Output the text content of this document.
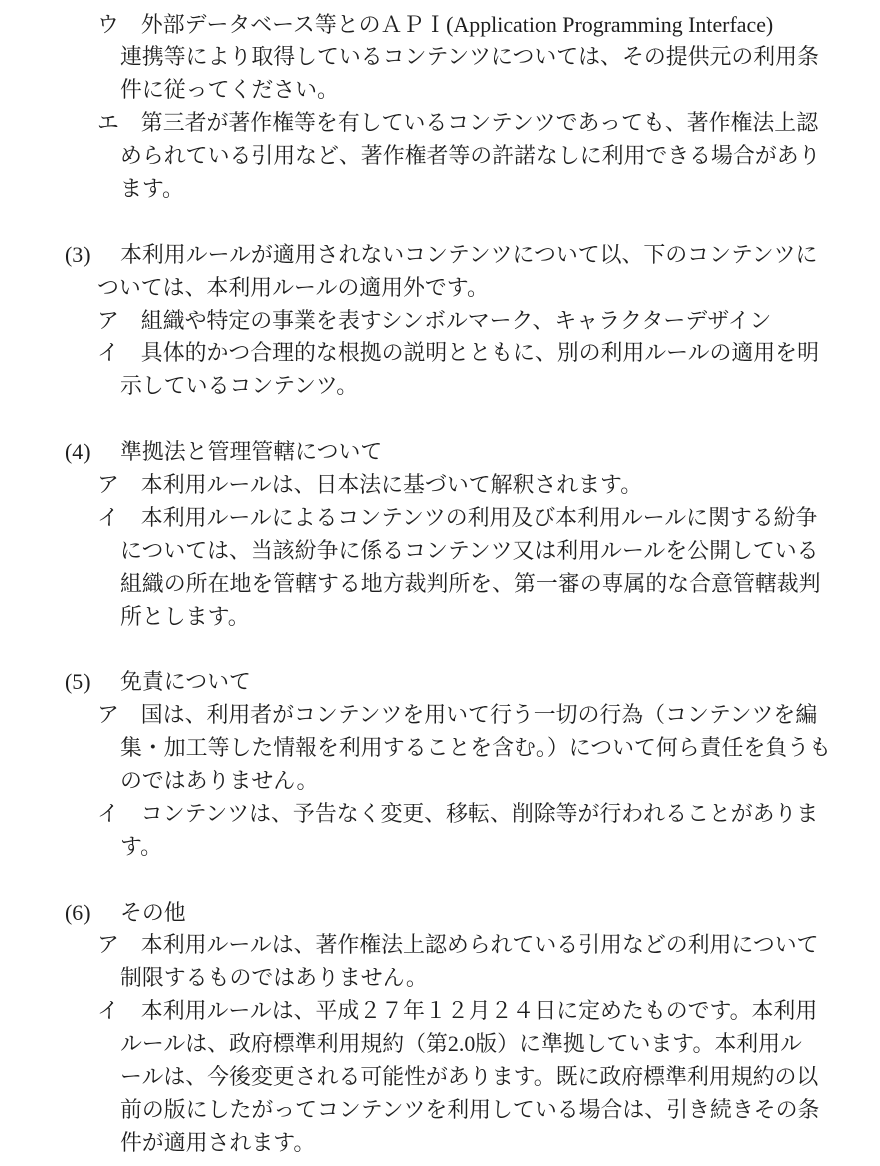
ウ 外部データベース等とのＡＰＩ(Application Programming Interface)
連携等により取得しているコンテンツについては、その提供元の利用条
件に従ってください。
エ 第三者が著作権等を有しているコンテンツであっても、著作権法上認
められている引用など、著作権者等の許諾なしに利用できる場合があり
ます。
(3) 本利用ルールが適用されないコンテンツについて以、下のコンテンツに
ついては、本利用ルールの適用外です。
ア 組織や特定の事業を表すシンボルマーク、キャラクターデザイン
イ 具体的かつ合理的な根拠の説明とともに、別の利用ルールの適用を明
示しているコンテンツ。
(4) 準拠法と管理管轄について
ア 本利用ルールは、日本法に基づいて解釈されます。
イ 本利用ルールによるコンテンツの利用及び本利用ルールに関する紛争
については、当該紛争に係るコンテンツ又は利用ルールを公開している
組織の所在地を管轄する地方裁判所を、第一審の専属的な合意管轄裁判
所とします。
(5) 免責について
ア 国は、利用者がコンテンツを用いて行う一切の行為（コンテンツを編
集・加工等した情報を利用することを含む。）について何ら責任を負うも
のではありません。
イ コンテンツは、予告なく変更、移転、削除等が行われることがありま
す。
(6) その他
ア 本利用ルールは、著作権法上認められている引用などの利用について
制限するものではありません。
イ 本利用ルールは、平成２７年１２月２４日に定めたものです。本利用
ルールは、政府標準利用規約（第2.0版）に準拠しています。本利用ル
ールは、今後変更される可能性があります。既に政府標準利用規約の以
前の版にしたがってコンテンツを利用している場合は、引き続きその条
件が適用されます。
